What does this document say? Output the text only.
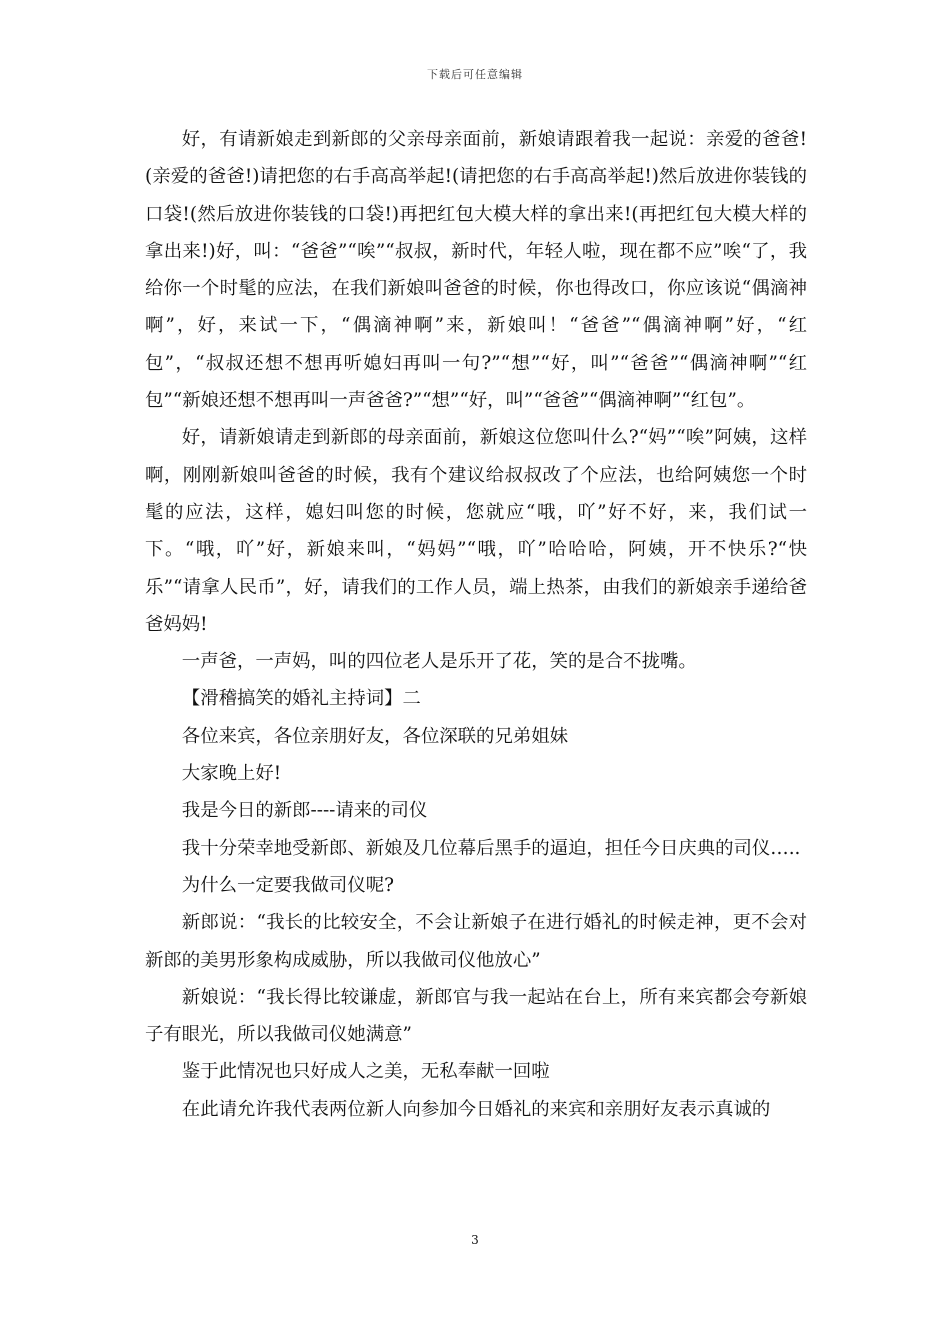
下载后可任意编辑

好，有请新娘走到新郎的父亲母亲面前，新娘请跟着我一起说：亲爱的爸爸!(亲爱的爸爸!)请把您的右手高高举起!(请把您的右手高高举起!)然后放进你装钱的口袋!(然后放进你装钱的口袋!)再把红包大模大样的拿出来!(再把红包大模大样的拿出来!)好，叫：“爸爸”“唉”“叔叔，新时代，年轻人啦，现在都不应”唉“了，我给你一个时髦的应法，在我们新娘叫爸爸的时候，你也得改口，你应该说“偶滴神啊”，好，来试一下，“偶滴神啊”来，新娘叫！“爸爸”“偶滴神啊”好，“红包”，“叔叔还想不想再听媳妇再叫一句?”“想”“好，叫”“爸爸”“偶滴神啊”“红包”“新娘还想不想再叫一声爸爸?”“想”“好，叫”“爸爸”“偶滴神啊”“红包”。

好，请新娘请走到新郎的母亲面前，新娘这位您叫什么?“妈”“唉”阿姨，这样啊，刚刚新娘叫爸爸的时候，我有个建议给叔叔改了个应法，也给阿姨您一个时髦的应法，这样，媳妇叫您的时候，您就应“哦，吖”好不好，来，我们试一下。“哦，吖”好，新娘来叫，“妈妈”“哦，吖”哈哈哈，阿姨，开不快乐?“快乐”“请拿人民币”，好，请我们的工作人员，端上热茶，由我们的新娘亲手递给爸爸妈妈!

一声爸，一声妈，叫的四位老人是乐开了花，笑的是合不拢嘴。

【滑稽搞笑的婚礼主持词】二

各位来宾，各位亲朋好友，各位深联的兄弟姐妹

大家晚上好!

我是今日的新郎----请来的司仪

我十分荣幸地受新郎、新娘及几位幕后黑手的逼迫，担任今日庆典的司仪…..

为什么一定要我做司仪呢?

新郎说：“我长的比较安全，不会让新娘子在进行婚礼的时候走神，更不会对新郎的美男形象构成威胁，所以我做司仪他放心”

新娘说：“我长得比较谦虚，新郎官与我一起站在台上，所有来宾都会夸新娘子有眼光，所以我做司仪她满意”

鉴于此情况也只好成人之美，无私奉献一回啦

在此请允许我代表两位新人向参加今日婚礼的来宾和亲朋好友表示真诚的

3
